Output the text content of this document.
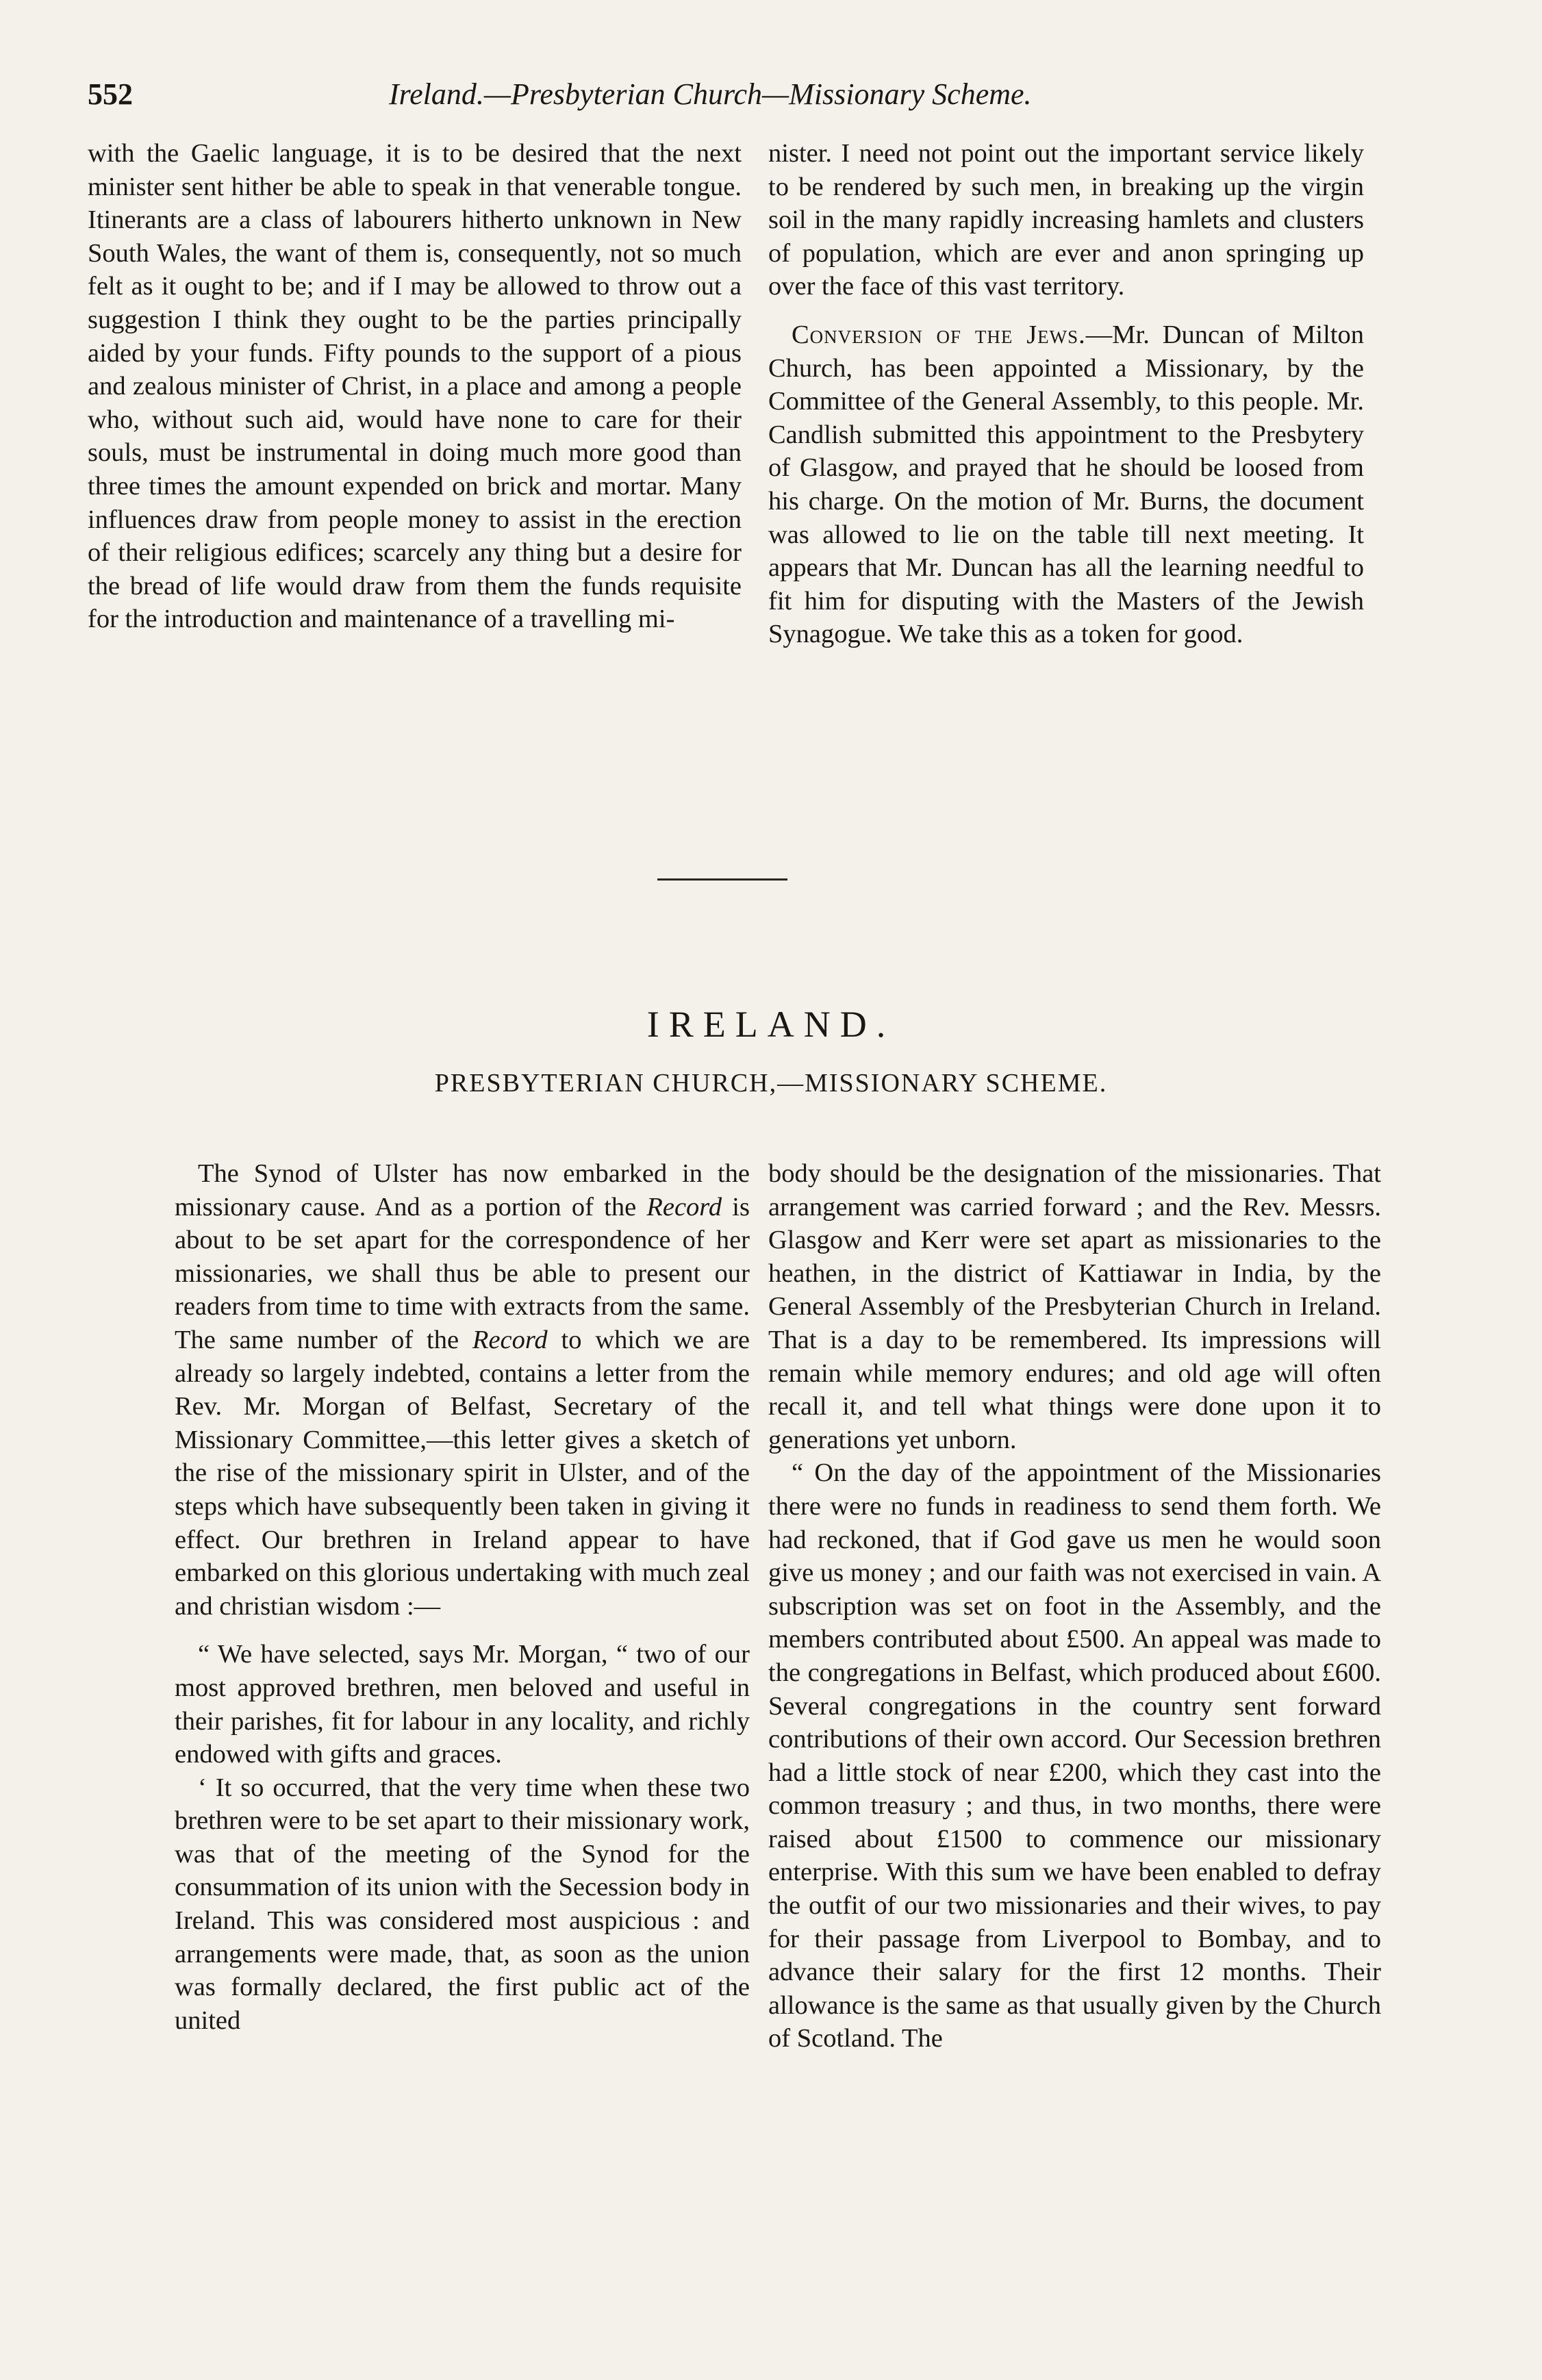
552	Ireland.—Presbyterian Church—Missionary Scheme.

with the Gaelic language, it is to be desired that the next minister sent hither be able to speak in that venerable tongue. Itinerants are a class of labourers hitherto unknown in New South Wales, the want of them is, consequently, not so much felt as it ought to be; and if I may be allowed to throw out a suggestion I think they ought to be the parties principally aided by your funds. Fifty pounds to the support of a pious and zealous minister of Christ, in a place and among a people who, without such aid, would have none to care for their souls, must be instrumental in doing much more good than three times the amount expended on brick and mortar. Many influences draw from people money to assist in the erection of their religious edifices; scarcely any thing but a desire for the bread of life would draw from them the funds requisite for the introduction and maintenance of a travelling mi-

nister. I need not point out the important service likely to be rendered by such men, in breaking up the virgin soil in the many rapidly increasing hamlets and clusters of population, which are ever and anon springing up over the face of this vast territory.

Conversion of the Jews.—Mr. Duncan of Milton Church, has been appointed a Missionary, by the Committee of the General Assembly, to this people. Mr. Candlish submitted this appointment to the Presbytery of Glasgow, and prayed that he should be loosed from his charge. On the motion of Mr. Burns, the document was allowed to lie on the table till next meeting. It appears that Mr. Duncan has all the learning needful to fit him for disputing with the Masters of the Jewish Synagogue. We take this as a token for good.

IRELAND.
PRESBYTERIAN CHURCH,—MISSIONARY SCHEME.

The Synod of Ulster has now embarked in the missionary cause. And as a portion of the Record is about to be set apart for the correspondence of her missionaries, we shall thus be able to present our readers from time to time with extracts from the same. The same number of the Record to which we are already so largely indebted, contains a letter from the Rev. Mr. Morgan of Belfast, Secretary of the Missionary Committee,—this letter gives a sketch of the rise of the missionary spirit in Ulster, and of the steps which have subsequently been taken in giving it effect. Our brethren in Ireland appear to have embarked on this glorious undertaking with much zeal and christian wisdom :—

“ We have selected, says Mr. Morgan, “ two of our most approved brethren, men beloved and useful in their parishes, fit for labour in any locality, and richly endowed with gifts and graces.

‘ It so occurred, that the very time when these two brethren were to be set apart to their missionary work, was that of the meeting of the Synod for the consummation of its union with the Secession body in Ireland. This was considered most auspicious : and arrangements were made, that, as soon as the union was formally declared, the first public act of the united

body should be the designation of the missionaries. That arrangement was carried forward ; and the Rev. Messrs. Glasgow and Kerr were set apart as missionaries to the heathen, in the district of Kattiawar in India, by the General Assembly of the Presbyterian Church in Ireland. That is a day to be remembered. Its impressions will remain while memory endures; and old age will often recall it, and tell what things were done upon it to generations yet unborn.

“ On the day of the appointment of the Missionaries there were no funds in readiness to send them forth. We had reckoned, that if God gave us men he would soon give us money ; and our faith was not exercised in vain. A subscription was set on foot in the Assembly, and the members contributed about £500. An appeal was made to the congregations in Belfast, which produced about £600. Several congregations in the country sent forward contributions of their own accord. Our Secession brethren had a little stock of near £200, which they cast into the common treasury ; and thus, in two months, there were raised about £1500 to commence our missionary enterprise. With this sum we have been enabled to defray the outfit of our two missionaries and their wives, to pay for their passage from Liverpool to Bombay, and to advance their salary for the first 12 months. Their allowance is the same as that usually given by the Church of Scotland. The
